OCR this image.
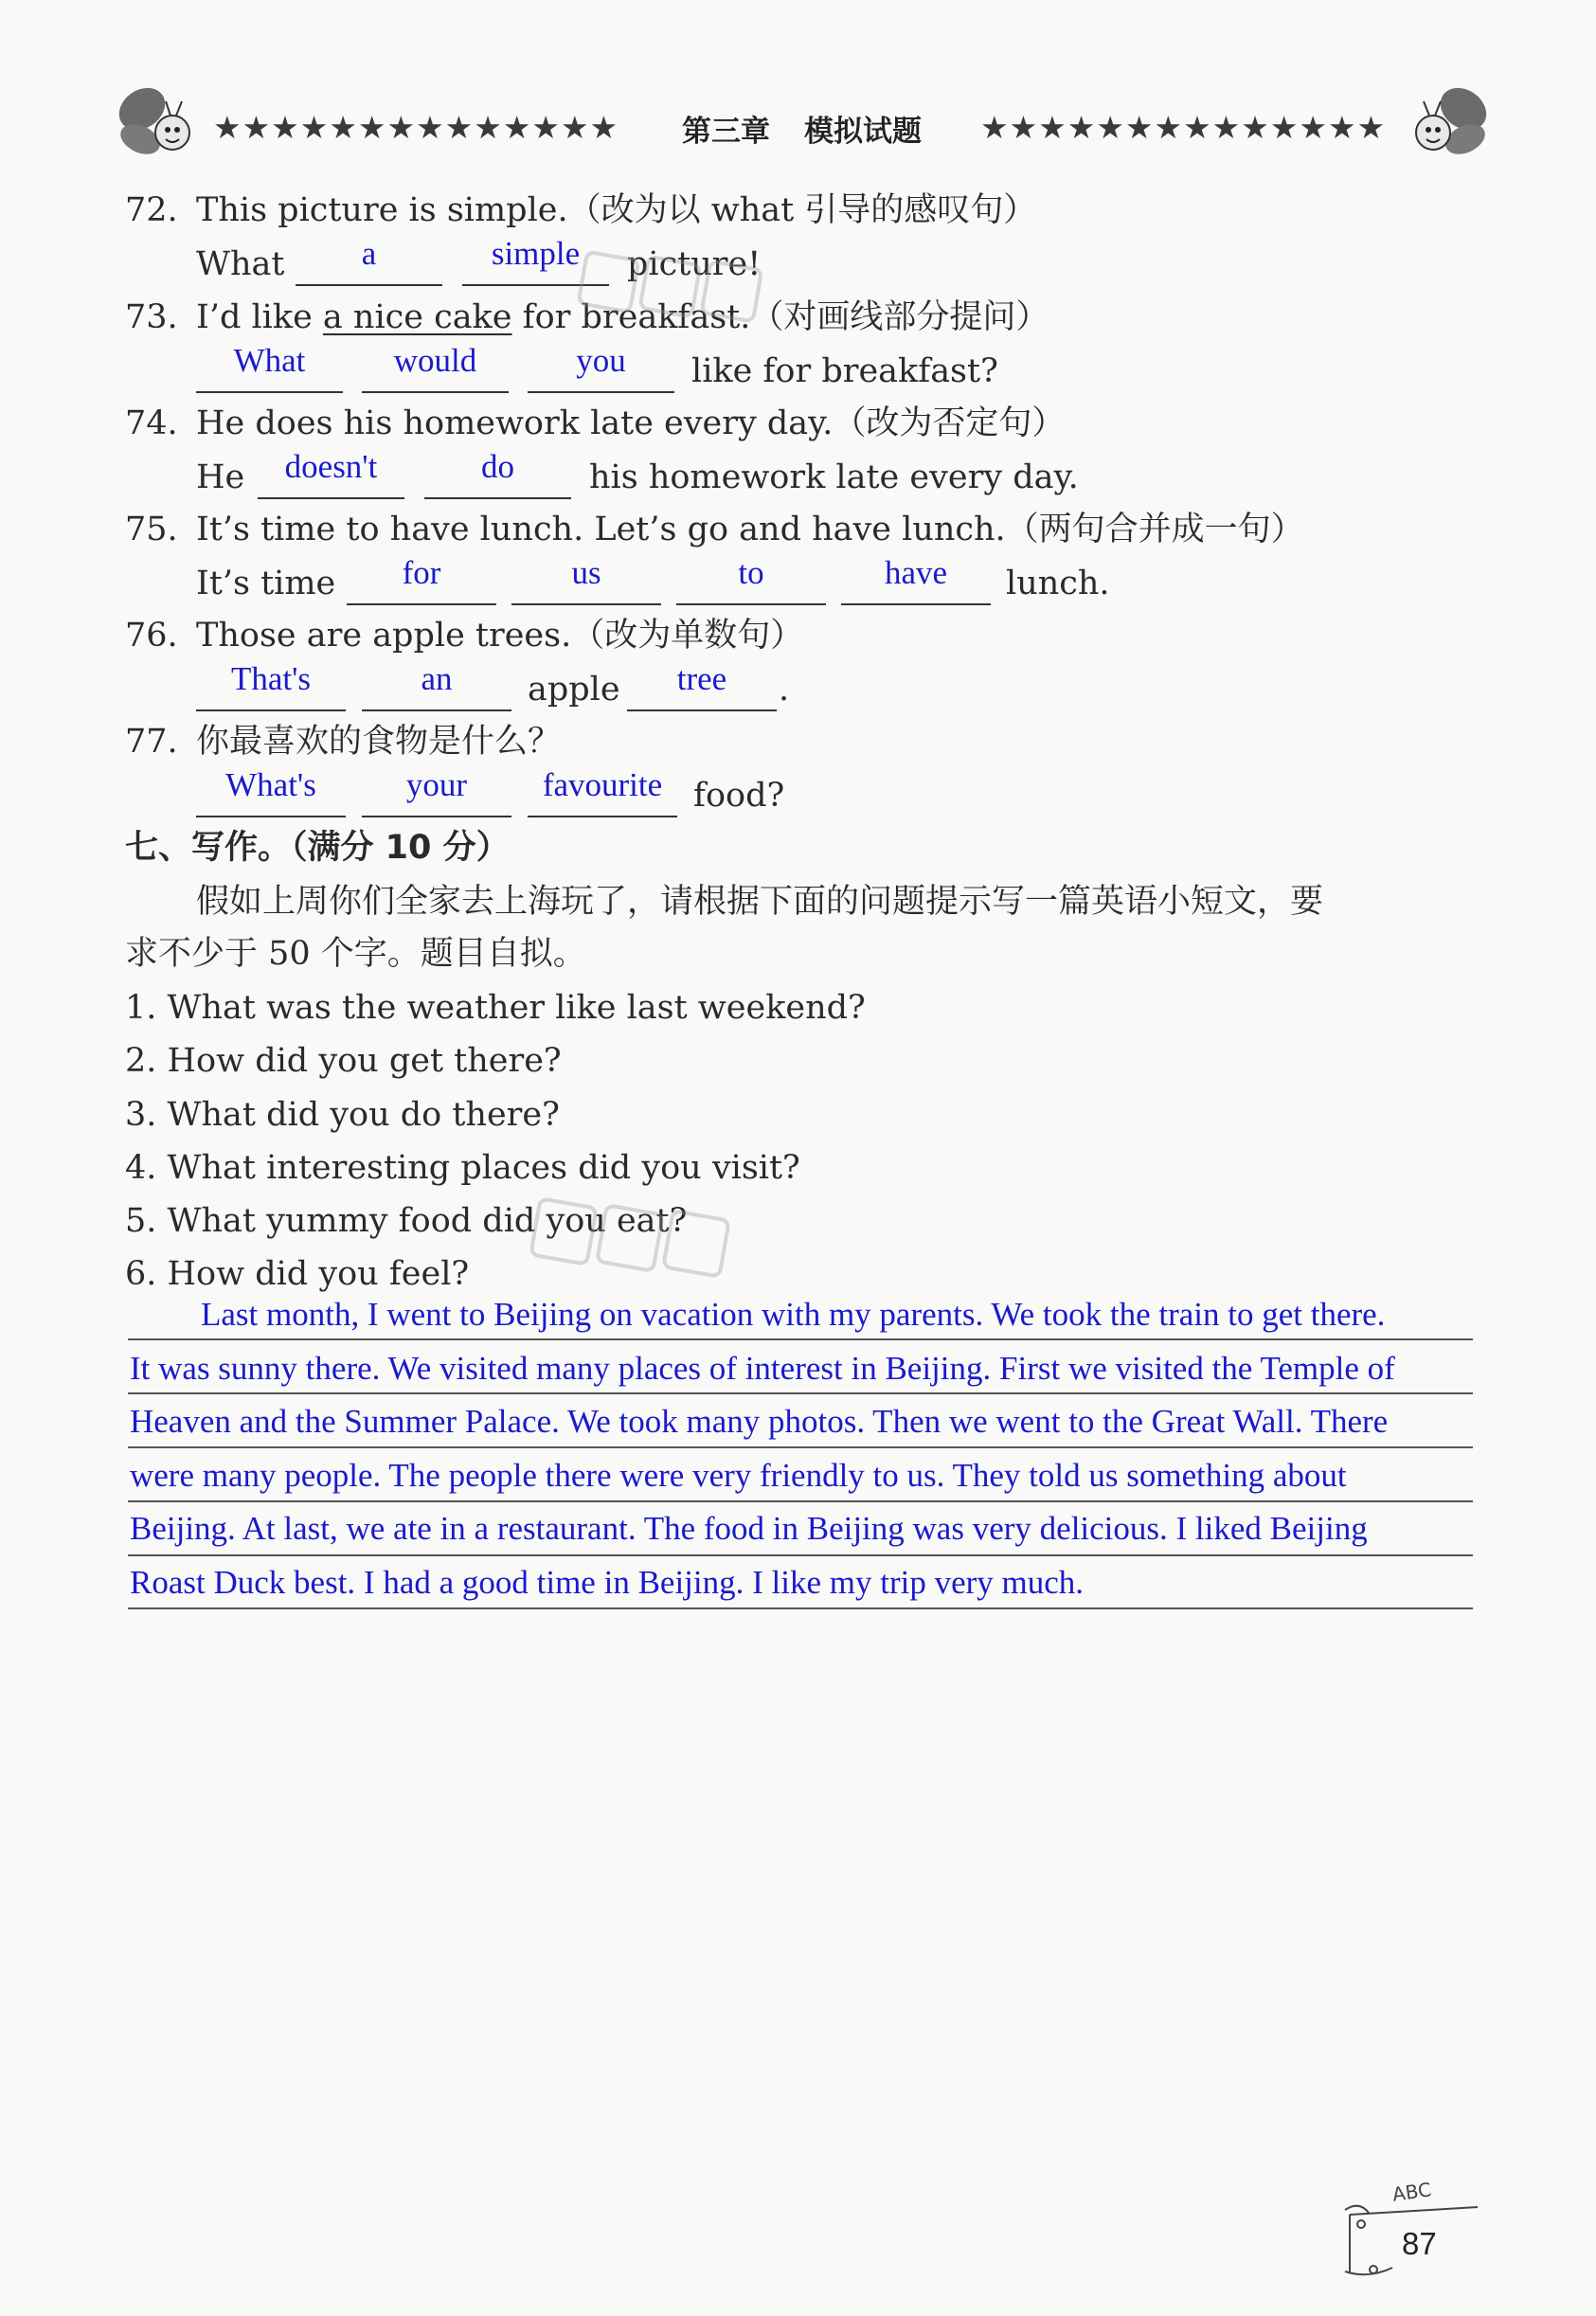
★★★★★★★★★★★★★★ 第三章 模拟试题 ★★★★★★★★★★★★★★
72. This picture is simple.（改为以 what 引导的感叹句）
What	a	simple	picture!
73. I’d like a nice cake for breakfast.（对画线部分提问）
What	would	you	like for breakfast?
74. He does his homework late every day.（改为否定句）
He	doesn't	do	his homework late every day.
75. It’s time to have lunch. Let’s go and have lunch.（两句合并成一句）
It’s time	for	us	to	have	lunch.
76. Those are apple trees.（改为单数句）
That's	an	apple	tree	.
77. 你最喜欢的食物是什么？
What's	your	favourite food?
七、写作。（满分 10 分）
假如上周你们全家去上海玩了，请根据下面的问题提示写一篇英语小短文，要
求不少于 50 个字。题目自拟。
1. What was the weather like last weekend?
2. How did you get there?
3. What did you do there?
4. What interesting places did you visit?
5. What yummy food did you eat?
6. How did you feel?
Last month, I went to Beijing on vacation with my parents. We took the train to get there.
It was sunny there. We visited many places of interest in Beijing. First we visited the Temple of
Heaven and the Summer Palace. We took many photos. Then we went to the Great Wall. There
were many people. The people there were very friendly to us. They told us something about
Beijing. At last, we ate in a restaurant. The food in Beijing was very delicious. I liked Beijing
Roast Duck best. I had a good time in Beijing. I like my trip very much.
ABC
87
